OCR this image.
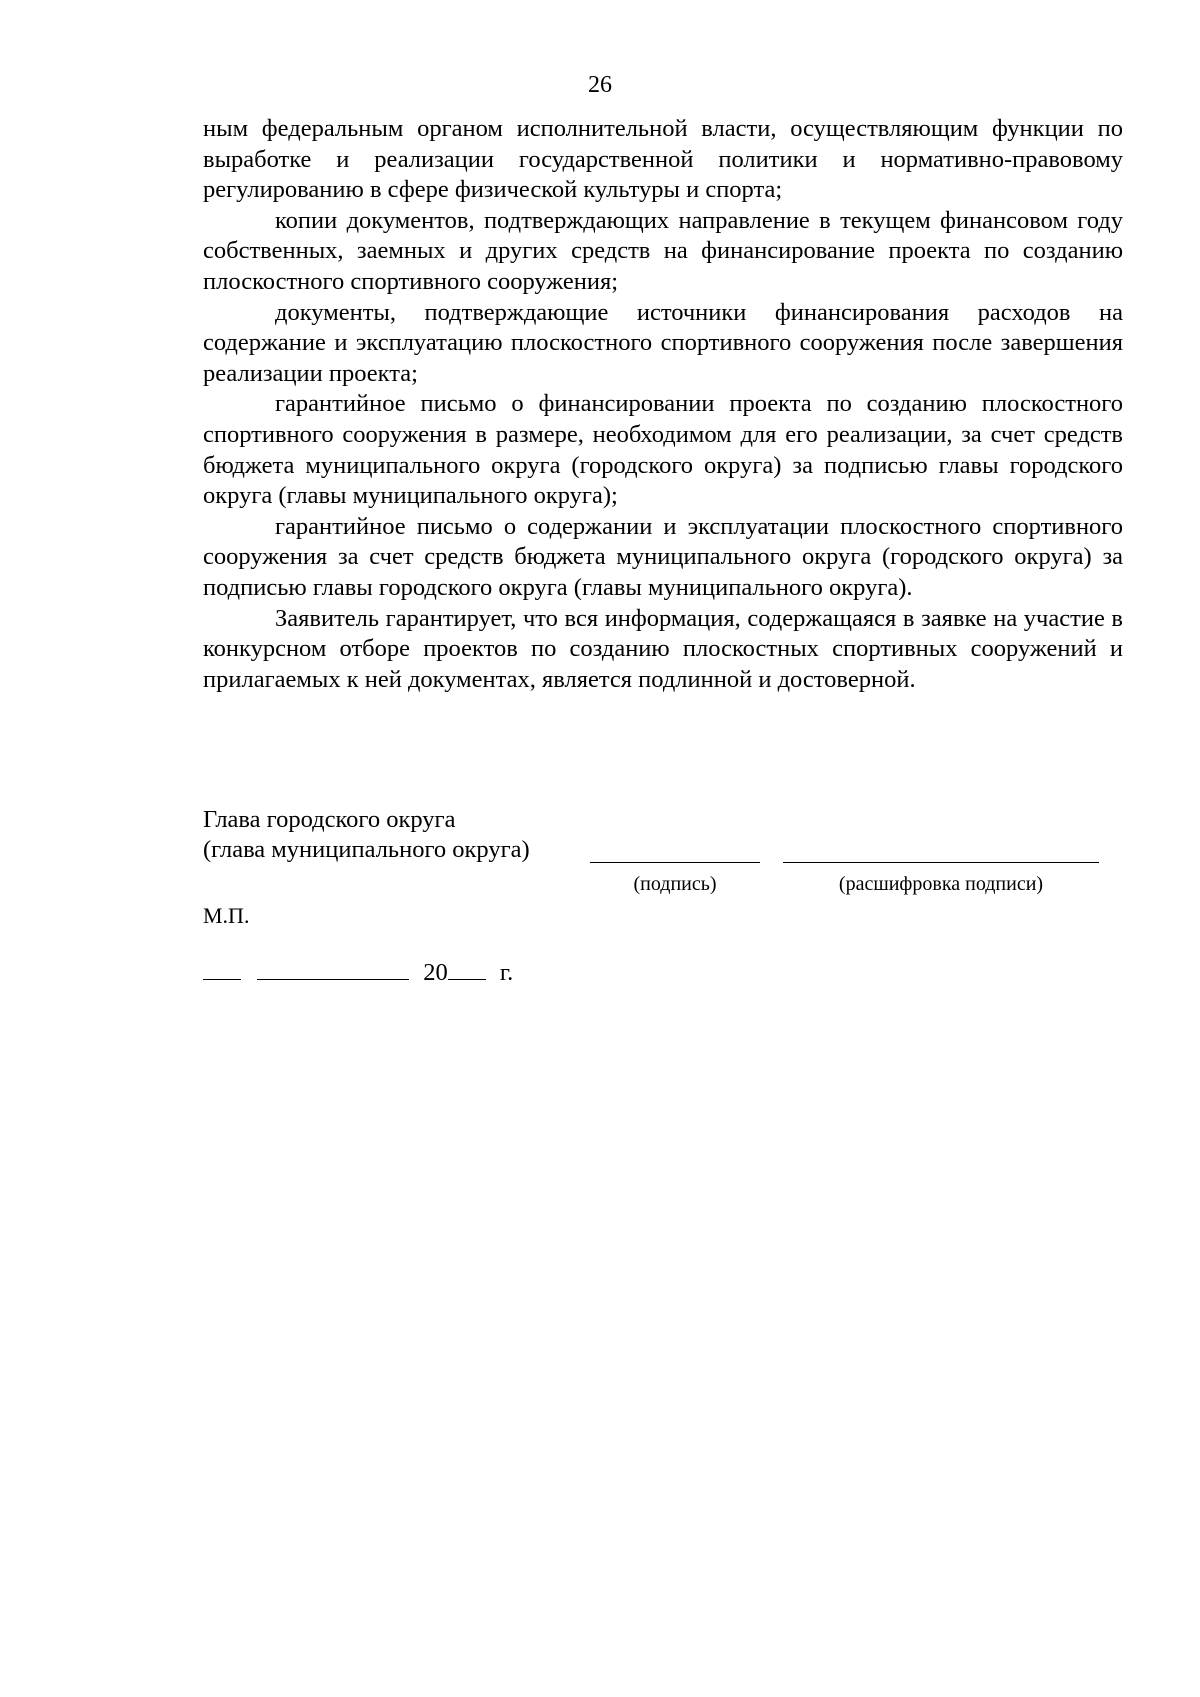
26

ным федеральным органом исполнительной власти, осуществляющим функции по выработке и реализации государственной политики и нормативно-правовому регулированию в сфере физической культуры и спорта;

копии документов, подтверждающих направление в текущем финансовом году собственных, заемных и других средств на финансирование проекта по созданию плоскостного спортивного сооружения;

документы, подтверждающие источники финансирования расходов на содержание и эксплуатацию плоскостного спортивного сооружения после завершения реализации проекта;

гарантийное письмо о финансировании проекта по созданию плоскостного спортивного сооружения в размере, необходимом для его реализации, за счет средств бюджета муниципального округа (городского округа) за подписью главы городского округа (главы муниципального округа);

гарантийное письмо о содержании и эксплуатации плоскостного спортивного сооружения за счет средств бюджета муниципального округа (городского округа) за подписью главы городского округа (главы муниципального округа).

Заявитель гарантирует, что вся информация, содержащаяся в заявке на участие в конкурсном отборе проектов по созданию плоскостных спортивных сооружений и прилагаемых к ней документах, является подлинной и достоверной.

Глава городского округа
(глава муниципального округа)
(подпись)	(расшифровка подписи)
М.П.
20 г.
